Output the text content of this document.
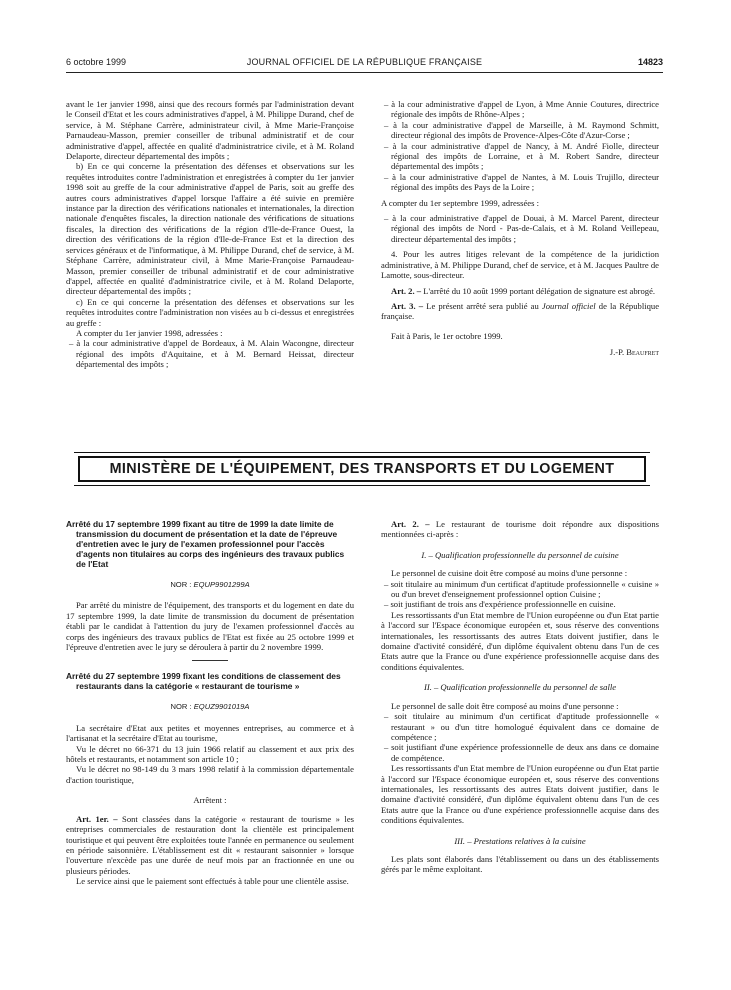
6 octobre 1999	JOURNAL OFFICIEL DE LA RÉPUBLIQUE FRANÇAISE	14823

avant le 1er janvier 1998, ainsi que des recours formés par l'administration devant le Conseil d'Etat et les cours administratives d'appel, à M. Philippe Durand, chef de service, à M. Stéphane Carrère, administrateur civil, à Mme Marie-Françoise Parnaudeau-Masson, premier conseiller de tribunal administratif et de cour administrative d'appel, affectée en qualité d'administratrice civile, et à M. Roland Delaporte, directeur départemental des impôts ;

b) En ce qui concerne la présentation des défenses et observations sur les requêtes introduites contre l'administration et enregistrées à compter du 1er janvier 1998 soit au greffe de la cour administrative d'appel de Paris, soit au greffe des autres cours administratives d'appel lorsque l'affaire a été suivie en première instance par la direction des vérifications nationales et internationales, la direction nationale d'enquêtes fiscales, la direction nationale des vérifications de situations fiscales, la direction des vérifications de la région d'Ile-de-France Ouest, la direction des vérifications de la région d'Ile-de-France Est et la direction des services généraux et de l'informatique, à M. Philippe Durand, chef de service, à M. Stéphane Carrère, administrateur civil, à Mme Marie-Françoise Parnaudeau-Masson, premier conseiller de tribunal administratif et de cour administrative d'appel, affectée en qualité d'administratrice civile, et à M. Roland Delaporte, directeur départemental des impôts ;

c) En ce qui concerne la présentation des défenses et observations sur les requêtes introduites contre l'administration non visées au b ci-dessus et enregistrées au greffe :

A compter du 1er janvier 1998, adressées :

– à la cour administrative d'appel de Bordeaux, à M. Alain Wacongne, directeur régional des impôts d'Aquitaine, et à M. Bernard Heissat, directeur départemental des impôts ;

– à la cour administrative d'appel de Lyon, à Mme Annie Coutures, directrice régionale des impôts de Rhône-Alpes ;

– à la cour administrative d'appel de Marseille, à M. Raymond Schmitt, directeur régional des impôts de Provence-Alpes-Côte d'Azur-Corse ;

– à la cour administrative d'appel de Nancy, à M. André Fiolle, directeur régional des impôts de Lorraine, et à M. Robert Sandre, directeur départemental des impôts ;

– à la cour administrative d'appel de Nantes, à M. Louis Trujillo, directeur régional des impôts des Pays de la Loire ;

A compter du 1er septembre 1999, adressées :

– à la cour administrative d'appel de Douai, à M. Marcel Parent, directeur régional des impôts de Nord - Pas-de-Calais, et à M. Roland Veillepeau, directeur départemental des impôts ;

4. Pour les autres litiges relevant de la compétence de la juridiction administrative, à M. Philippe Durand, chef de service, et à M. Jacques Paultre de Lamotte, sous-directeur.

Art. 2. – L'arrêté du 10 août 1999 portant délégation de signature est abrogé.

Art. 3. – Le présent arrêté sera publié au Journal officiel de la République française.

Fait à Paris, le 1er octobre 1999.

J.-P. Beaufret

MINISTÈRE DE L'ÉQUIPEMENT, DES TRANSPORTS ET DU LOGEMENT

Arrêté du 17 septembre 1999 fixant au titre de 1999 la date limite de transmission du document de présentation et la date de l'épreuve d'entretien avec le jury de l'examen professionnel pour l'accès d'agents non titulaires au corps des ingénieurs des travaux publics de l'Etat

NOR : EQUP9901299A

Par arrêté du ministre de l'équipement, des transports et du logement en date du 17 septembre 1999, la date limite de transmission du document de présentation établi par le candidat à l'attention du jury de l'examen professionnel d'accès au corps des ingénieurs des travaux publics de l'Etat est fixée au 25 octobre 1999 et l'épreuve d'entretien avec le jury se déroulera à partir du 2 novembre 1999.

Arrêté du 27 septembre 1999 fixant les conditions de classement des restaurants dans la catégorie « restaurant de tourisme »

NOR : EQUZ9901019A

La secrétaire d'Etat aux petites et moyennes entreprises, au commerce et à l'artisanat et la secrétaire d'Etat au tourisme,

Vu le décret no 66-371 du 13 juin 1966 relatif au classement et aux prix des hôtels et restaurants, et notamment son article 10 ;

Vu le décret no 98-149 du 3 mars 1998 relatif à la commission départementale d'action touristique,

Arrêtent :

Art. 1er. – Sont classées dans la catégorie « restaurant de tourisme » les entreprises commerciales de restauration dont la clientèle est principalement touristique et qui peuvent être exploitées toute l'année en permanence ou seulement en période saisonnière. L'établissement est dit « restaurant saisonnier » lorsque l'ouverture n'excède pas une durée de neuf mois par an fractionnée en une ou plusieurs périodes.

Le service ainsi que le paiement sont effectués à table pour une clientèle assise.

Art. 2. – Le restaurant de tourisme doit répondre aux dispositions mentionnées ci-après :

I. – Qualification professionnelle du personnel de cuisine

Le personnel de cuisine doit être composé au moins d'une personne :

– soit titulaire au minimum d'un certificat d'aptitude professionnelle « cuisine » ou d'un brevet d'enseignement professionnel option Cuisine ;

– soit justifiant de trois ans d'expérience professionnelle en cuisine.

Les ressortissants d'un Etat membre de l'Union européenne ou d'un Etat partie à l'accord sur l'Espace économique européen et, sous réserve des conventions internationales, les ressortissants des autres Etats doivent justifier, dans le domaine d'activité considéré, d'un diplôme équivalent obtenu dans l'un de ces Etats autre que la France ou d'une expérience professionnelle acquise dans des conditions équivalentes.

II. – Qualification professionnelle du personnel de salle

Le personnel de salle doit être composé au moins d'une personne :

– soit titulaire au minimum d'un certificat d'aptitude professionnelle « restaurant » ou d'un titre homologué équivalent dans ce domaine de compétence ;

– soit justifiant d'une expérience professionnelle de deux ans dans ce domaine de compétence.

Les ressortissants d'un Etat membre de l'Union européenne ou d'un Etat partie à l'accord sur l'Espace économique européen et, sous réserve des conventions internationales, les ressortissants des autres Etats doivent justifier, dans le domaine d'activité considéré, d'un diplôme équivalent obtenu dans l'un de ces Etats autre que la France ou d'une expérience professionnelle acquise dans des conditions équivalentes.

III. – Prestations relatives à la cuisine

Les plats sont élaborés dans l'établissement ou dans un des établissements gérés par le même exploitant.
